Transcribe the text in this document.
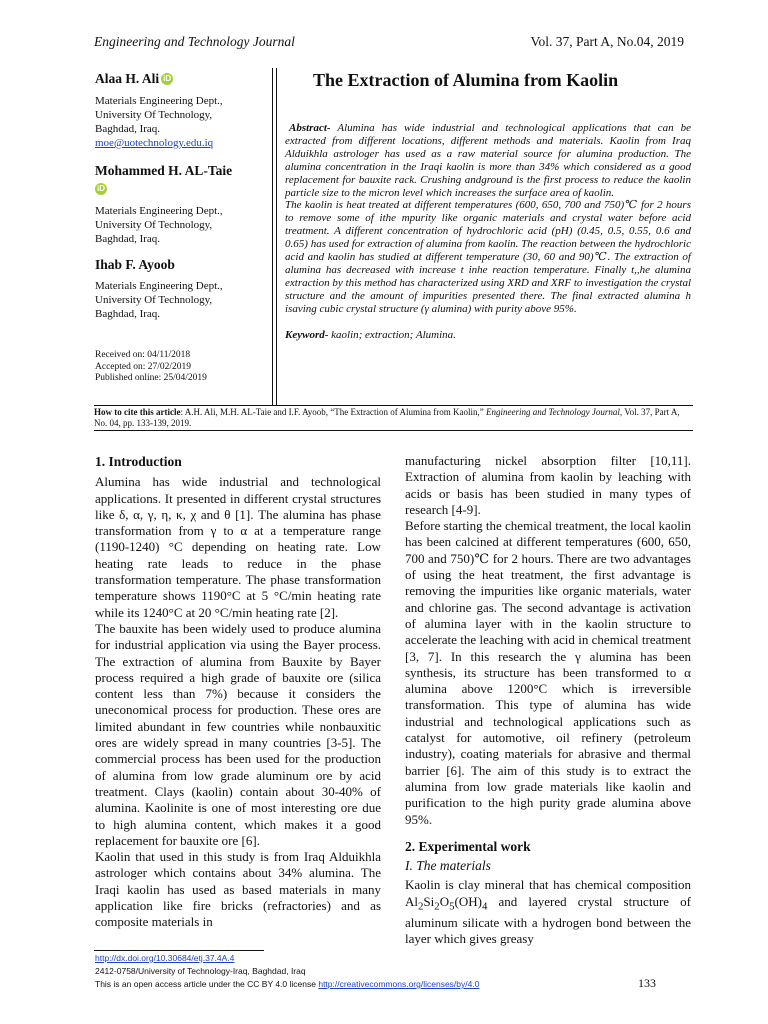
Engineering and Technology Journal	Vol. 37, Part A, No.04, 2019
Alaa H. Ali iD
Materials Engineering Dept.,
University Of Technology,
Baghdad, Iraq.
moe@uotechnology.edu.iq
Mohammed H. AL-Taie
iD
Materials Engineering Dept.,
University Of Technology,
Baghdad, Iraq.
Ihab F. Ayoob
Materials Engineering Dept.,
University Of Technology,
Baghdad, Iraq.
Received on: 04/11/2018
Accepted on: 27/02/2019
Published online: 25/04/2019
The Extraction of Alumina from Kaolin
Abstract- Alumina has wide industrial and technological applications that can be extracted from different locations, different methods and materials. Kaolin from Iraq Alduikhla astrologer has used as a raw material source for alumina production. The alumina concentration in the Iraqi kaolin is more than 34% which considered as a good replacement for bauxite rack. Crushing andground is the first process to reduce the kaolin particle size to the micron level which increases the surface area of kaolin.
The kaolin is heat treated at different temperatures (600, 650, 700 and 750)℃ for 2 hours to remove some of ithe mpurity like organic materials and crystal water before acid treatment. A different concentration of hydrochloric acid (pH) (0.45, 0.5, 0.55, 0.6 and 0.65) has used for extraction of alumina from kaolin. The reaction between the hydrochloric acid and kaolin has studied at different temperature (30, 60 and 90)℃. The extraction of alumina has decreased with increase t inhe reaction temperature. Finally t,,he alumina extraction by this method has characterized using XRD and XRF to investigation the crystal structure and the amount of impurities presented there. The final extracted alumina h isaving cubic crystal structure (γ alumina) with purity above 95%.
Keyword- kaolin; extraction; Alumina.
How to cite this article: A.H. Ali, M.H. AL-Taie and I.F. Ayoob, “The Extraction of Alumina from Kaolin,” Engineering and Technology Journal, Vol. 37, Part A, No. 04, pp. 133-139, 2019.
1. Introduction

Alumina has wide industrial and technological applications. It presented in different crystal structures like δ, α, γ, η, κ, χ and θ [1]. The alumina has phase transformation from γ to α at a temperature range (1190-1240) °C depending on heating rate. Low heating rate leads to reduce in the phase transformation temperature. The phase transformation temperature shows 1190°C at 5 °C/min heating rate while its 1240°C at 20 °C/min heating rate [2].

The bauxite has been widely used to produce alumina for industrial application via using the Bayer process. The extraction of alumina from Bauxite by Bayer process required a high grade of bauxite ore (silica content less than 7%) because it considers the uneconomical process for production. These ores are limited abundant in few countries while nonbauxitic ores are widely spread in many countries [3-5]. The commercial process has been used for the production of alumina from low grade aluminum ore by acid treatment. Clays (kaolin) contain about 30-40% of alumina. Kaolinite is one of most interesting ore due to high alumina content, which makes it a good replacement for bauxite ore [6].

Kaolin that used in this study is from Iraq Alduikhla astrologer which contains about 34% alumina. The Iraqi kaolin has used as based materials in many application like fire bricks (refractories) and as composite materials in

manufacturing nickel absorption filter [10,11]. Extraction of alumina from kaolin by leaching with acids or basis has been studied in many types of research [4-9].

Before starting the chemical treatment, the local kaolin has been calcined at different temperatures (600, 650, 700 and 750)℃ for 2 hours. There are two advantages of using the heat treatment, the first advantage is removing the impurities like organic materials, water and chlorine gas. The second advantage is activation of alumina layer with in the kaolin structure to accelerate the leaching with acid in chemical treatment [3, 7]. In this research the γ alumina has been synthesis, its structure has been transformed to α alumina above 1200°C which is irreversible transformation. This type of alumina has wide industrial and technological applications such as catalyst for automotive, oil refinery (petroleum industry), coating materials for abrasive and thermal barrier [6]. The aim of this study is to extract the alumina from low grade materials like kaolin and purification to the high purity grade alumina above 95%.

2. Experimental work
I. The materials

Kaolin is clay mineral that has chemical composition $Al_2Si_2O_5(OH)_4$ and layered crystal structure of aluminum silicate with a hydrogen bond between the layer which gives greasy

http://dx.doi.org/10.30684/etj.37.4A.4
2412-0758/University of Technology-Iraq, Baghdad, Iraq
This is an open access article under the CC BY 4.0 license http://creativecommons.org/licenses/by/4.0	133
